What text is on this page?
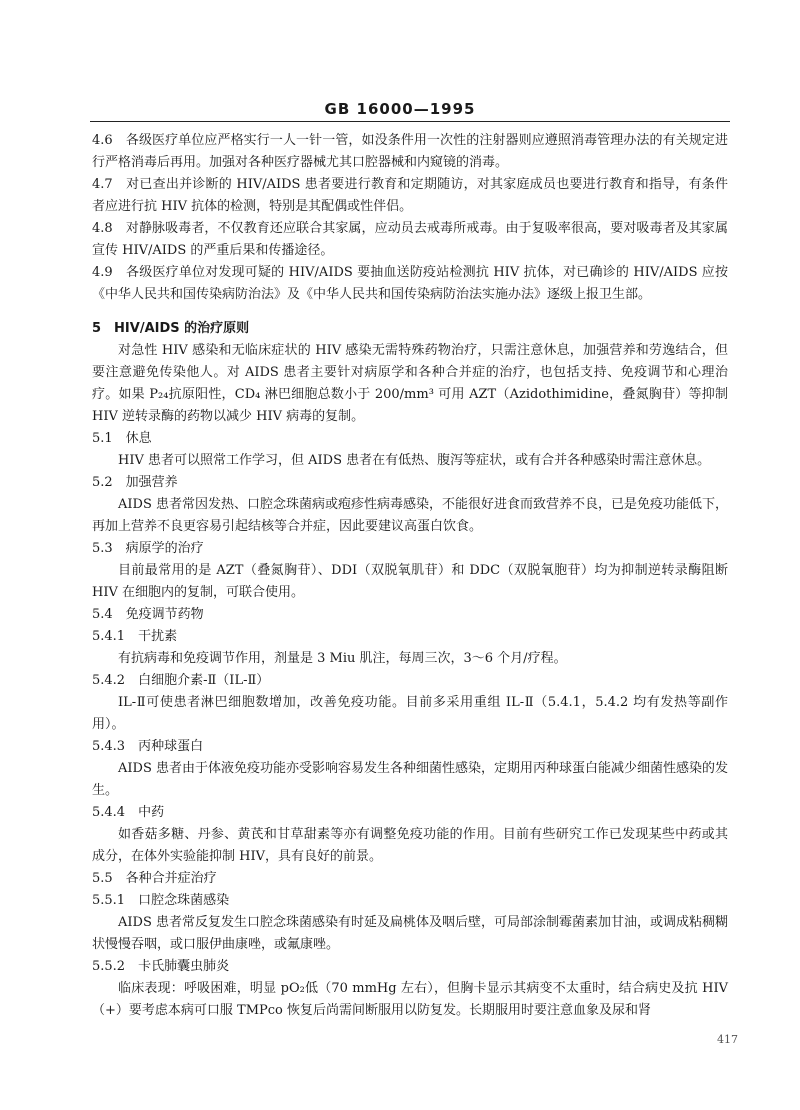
GB 16000—1995

4.6　各级医疗单位应严格实行一人一针一管，如没条件用一次性的注射器则应遵照消毒管理办法的有关规定进行严格消毒后再用。加强对各种医疗器械尤其口腔器械和内窥镜的消毒。

4.7　对已查出并诊断的 HIV/AIDS 患者要进行教育和定期随访，对其家庭成员也要进行教育和指导，有条件者应进行抗 HIV 抗体的检测，特别是其配偶或性伴侣。

4.8　对静脉吸毒者，不仅教育还应联合其家属，应动员去戒毒所戒毒。由于复吸率很高，要对吸毒者及其家属宣传 HIV/AIDS 的严重后果和传播途径。

4.9　各级医疗单位对发现可疑的 HIV/AIDS 要抽血送防疫站检测抗 HIV 抗体，对已确诊的 HIV/AIDS 应按《中华人民共和国传染病防治法》及《中华人民共和国传染病防治法实施办法》逐级上报卫生部。

5　HIV/AIDS 的治疗原则

对急性 HIV 感染和无临床症状的 HIV 感染无需特殊药物治疗，只需注意休息，加强营养和劳逸结合，但要注意避免传染他人。对 AIDS 患者主要针对病原学和各种合并症的治疗，也包括支持、免疫调节和心理治疗。如果 P₂₄抗原阳性，CD₄ 淋巴细胞总数小于 200/mm³ 可用 AZT（Azidothimidine，叠氮胸苷）等抑制 HIV 逆转录酶的药物以减少 HIV 病毒的复制。

5.1　休息

HIV 患者可以照常工作学习，但 AIDS 患者在有低热、腹泻等症状，或有合并各种感染时需注意休息。

5.2　加强营养

AIDS 患者常因发热、口腔念珠菌病或疱疹性病毒感染，不能很好进食而致营养不良，已是免疫功能低下，再加上营养不良更容易引起结核等合并症，因此要建议高蛋白饮食。

5.3　病原学的治疗

目前最常用的是 AZT（叠氮胸苷）、DDI（双脱氧肌苷）和 DDC（双脱氧胞苷）均为抑制逆转录酶阻断 HIV 在细胞内的复制，可联合使用。

5.4　免疫调节药物

5.4.1　干扰素

有抗病毒和免疫调节作用，剂量是 3 Miu 肌注，每周三次，3～6 个月/疗程。

5.4.2　白细胞介素-Ⅱ（IL-Ⅱ）

IL-Ⅱ可使患者淋巴细胞数增加，改善免疫功能。目前多采用重组 IL-Ⅱ（5.4.1，5.4.2 均有发热等副作用）。

5.4.3　丙种球蛋白

AIDS 患者由于体液免疫功能亦受影响容易发生各种细菌性感染，定期用丙种球蛋白能减少细菌性感染的发生。

5.4.4　中药

如香菇多糖、丹参、黄芪和甘草甜素等亦有调整免疫功能的作用。目前有些研究工作已发现某些中药或其成分，在体外实验能抑制 HIV，具有良好的前景。

5.5　各种合并症治疗

5.5.1　口腔念珠菌感染

AIDS 患者常反复发生口腔念珠菌感染有时延及扁桃体及咽后壁，可局部涂制霉菌素加甘油，或调成粘稠糊状慢慢吞咽，或口服伊曲康唑，或氟康唑。

5.5.2　卡氏肺囊虫肺炎

临床表现：呼吸困难，明显 pO₂低（70 mmHg 左右），但胸卡显示其病变不太重时，结合病史及抗 HIV（+）要考虑本病可口服 TMPco 恢复后尚需间断服用以防复发。长期服用时要注意血象及尿和肾

417
